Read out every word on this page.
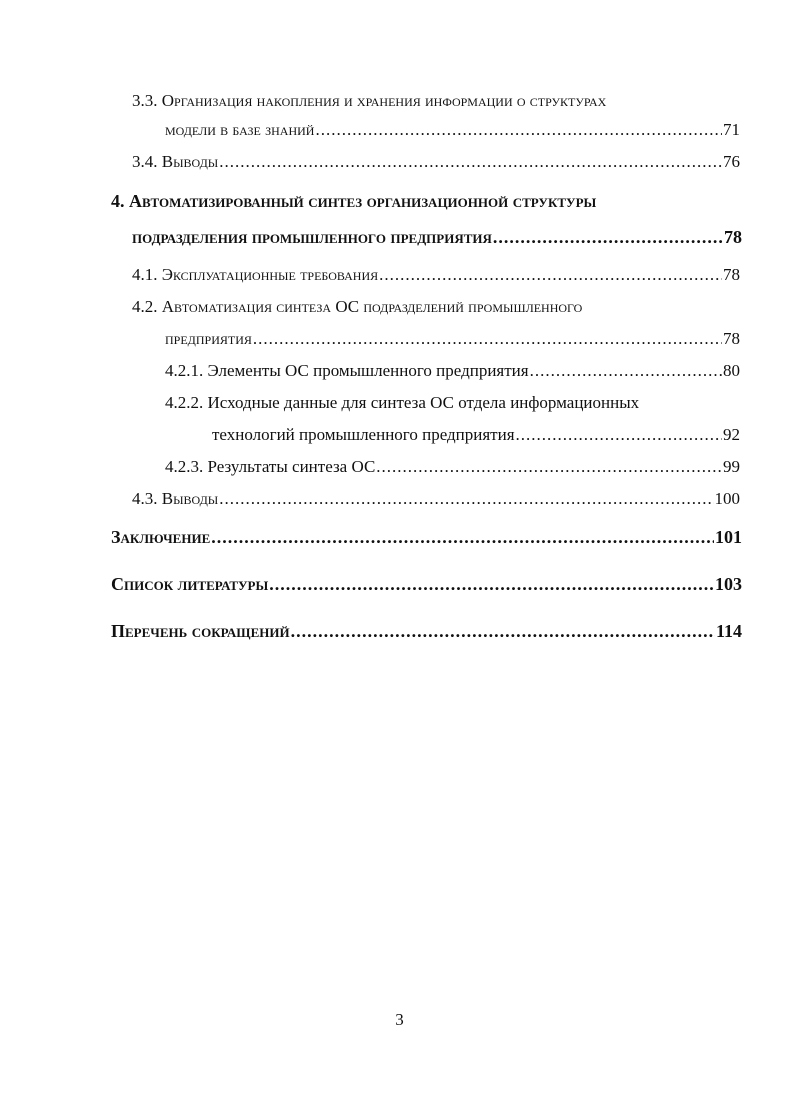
3.3. Организация накопления и хранения информации о структурах
модели в базе знаний .....	71
3.4. Выводы .....	76
4. Автоматизированный синтез организационной структуры
подразделения промышленного предприятия .....	78
4.1. Эксплуатационные требования .....	78
4.2. Автоматизация синтеза ОС подразделений промышленного
предприятия .....	78
4.2.1. Элементы ОС промышленного предприятия .....	80
4.2.2. Исходные данные для синтеза ОС отдела информационных
технологий промышленного предприятия .....	92
4.2.3. Результаты синтеза ОС .....	99
4.3. Выводы .....	100
Заключение .....	101
Список литературы .....	103
Перечень сокращений .....	114
3
